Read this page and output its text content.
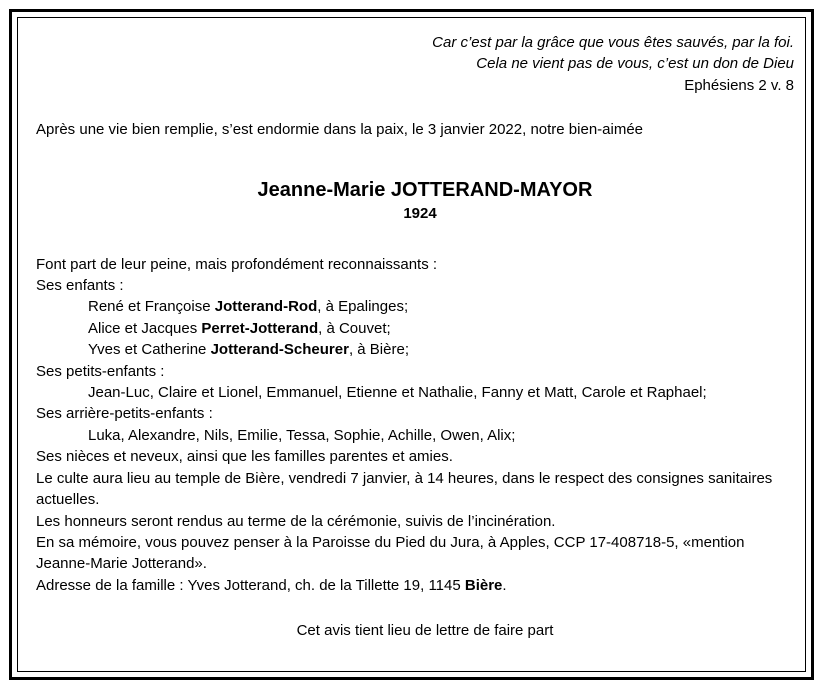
Car c’est par la grâce que vous êtes sauvés, par la foi.

Cela ne vient pas de vous, c’est un don de Dieu

Ephésiens 2 v. 8

Après une vie bien remplie, s’est endormie dans la paix, le 3 janvier 2022, notre bien-aimée

Jeanne-Marie JOTTERAND-MAYOR
1924

Font part de leur peine, mais profondément reconnaissants :

Ses enfants :

René et Françoise Jotterand-Rod, à Epalinges;

Alice et Jacques Perret-Jotterand, à Couvet;

Yves et Catherine Jotterand-Scheurer, à Bière;

Ses petits-enfants :

Jean-Luc, Claire et Lionel, Emmanuel, Etienne et Nathalie, Fanny et Matt, Carole et Raphael;

Ses arrière-petits-enfants :

Luka, Alexandre, Nils, Emilie, Tessa, Sophie, Achille, Owen, Alix;

Ses nièces et neveux, ainsi que les familles parentes et amies.

Le culte aura lieu au temple de Bière, vendredi 7 janvier, à 14 heures, dans le respect des consignes sanitaires actuelles.

Les honneurs seront rendus au terme de la cérémonie, suivis de l’incinération.

En sa mémoire, vous pouvez penser à la Paroisse du Pied du Jura, à Apples, CCP 17-408718-5, «mention Jeanne-Marie Jotterand».

Adresse de la famille : Yves Jotterand, ch. de la Tillette 19, 1145 Bière.

Cet avis tient lieu de lettre de faire part
